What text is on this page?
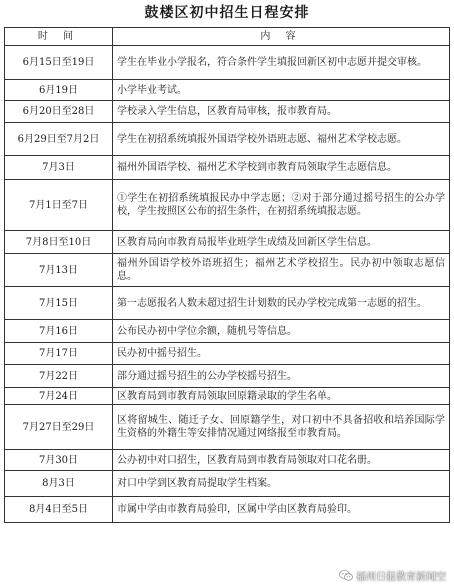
鼓楼区初中招生日程安排
时 间	内 容
6月15日至19日	学生在毕业小学报名，符合条件学生填报回新区初中志愿并提交审核。
6月19日	小学毕业考试。
6月20日至28日	学校录入学生信息，区教育局审核，报市教育局。
6月29日至7月2日	学生在初招系统填报外国语学校外语班志愿、福州艺术学校志愿。
7月3日	福州外国语学校、福州艺术学校到市教育局领取学生志愿信息。
7月1日至7日	①学生在初招系统填报民办中学志愿；②对于部分通过摇号招生的公办学校，学生按照区公布的招生条件，在初招系统填报志愿。
7月8日至10日	区教育局向市教育局报毕业班学生成绩及回新区学生信息。
7月13日	福州外国语学校外语班招生；福州艺术学校招生。民办初中领取志愿信息。
7月15日	第一志愿报名人数未超过招生计划数的民办学校完成第一志愿的招生。
7月16日	公布民办初中学位余额，随机号等信息。
7月17日	民办初中摇号招生。
7月22日	部分通过摇号招生的公办学校摇号招生。
7月24日	区教育局到市教育局领取回原籍录取的学生名单。
7月27日至29日	区将留城生、随迁子女、回原籍学生，对口初中不具备招收和培养国际学生资格的外籍生等安排情况通过网络报至市教育局。
7月30日	公办初中对口招生，区教育局到市教育局领取对口花名册。
8月3日	对口中学到区教育局提取学生档案。
8月4日至5日	市属中学由市教育局验印，区属中学由区教育局验印。
福州日报教育新闻空
